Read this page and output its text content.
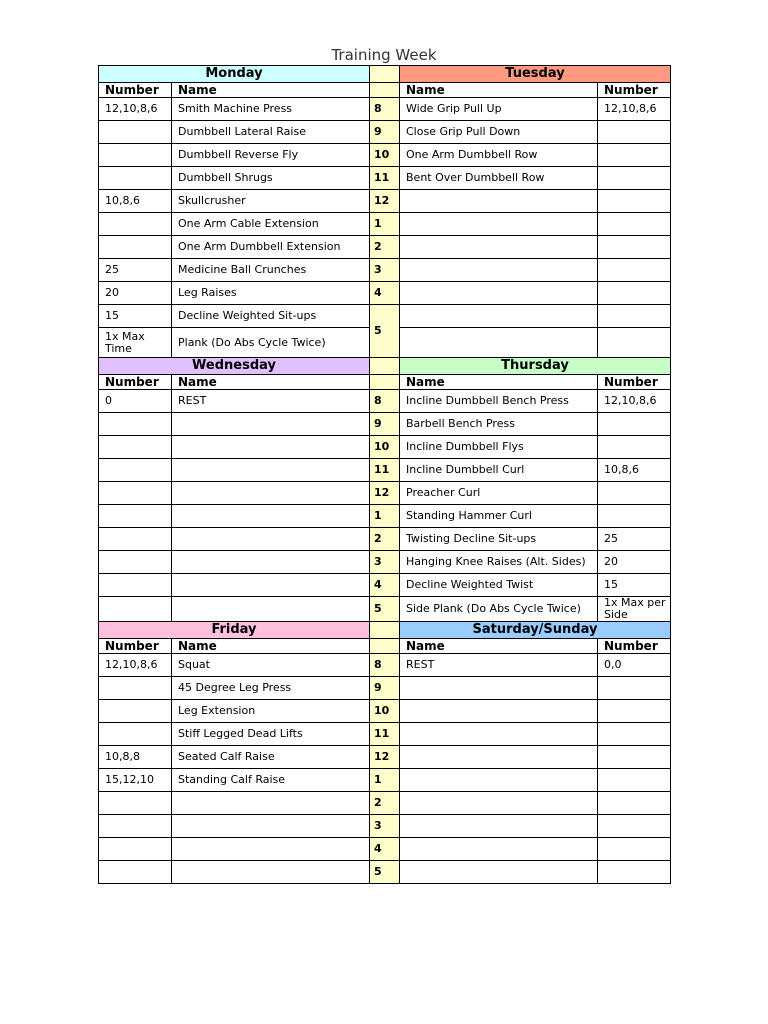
Training Week
Monday			Tuesday	
Number	Name		Name	Number
12,10,8,6	Smith Machine Press	8	Wide Grip Pull Up	12,10,8,6
	Dumbbell Lateral Raise	9	Close Grip Pull Down	
	Dumbbell Reverse Fly	10	One Arm Dumbbell Row	
	Dumbbell Shrugs	11	Bent Over Dumbbell Row	
10,8,6	Skullcrusher	12		
	One Arm Cable Extension	1		
	One Arm Dumbbell Extension	2		
25	Medicine Ball Crunches	3		
20	Leg Raises	4		
15	Decline Weighted Sit-ups	5		
1x Max Time	Plank (Do Abs Cycle Twice)			
Wednesday			Thursday	
Number	Name		Name	Number
0	REST	8	Incline Dumbbell Bench Press	12,10,8,6
		9	Barbell Bench Press	
		10	Incline Dumbbell Flys	
		11	Incline Dumbbell Curl	10,8,6
		12	Preacher Curl	
		1	Standing Hammer Curl	
		2	Twisting Decline Sit-ups	25
		3	Hanging Knee Raises (Alt. Sides)	20
		4	Decline Weighted Twist	15
		5	Side Plank (Do Abs Cycle Twice)	1x Max per Side
Friday			Saturday/Sunday	
Number	Name		Name	Number
12,10,8,6	Squat	8	REST	0,0
	45 Degree Leg Press	9		
	Leg Extension	10		
	Stiff Legged Dead Lifts	11		
10,8,8	Seated Calf Raise	12		
15,12,10	Standing Calf Raise	1		
		2		
		3		
		4		
		5		
